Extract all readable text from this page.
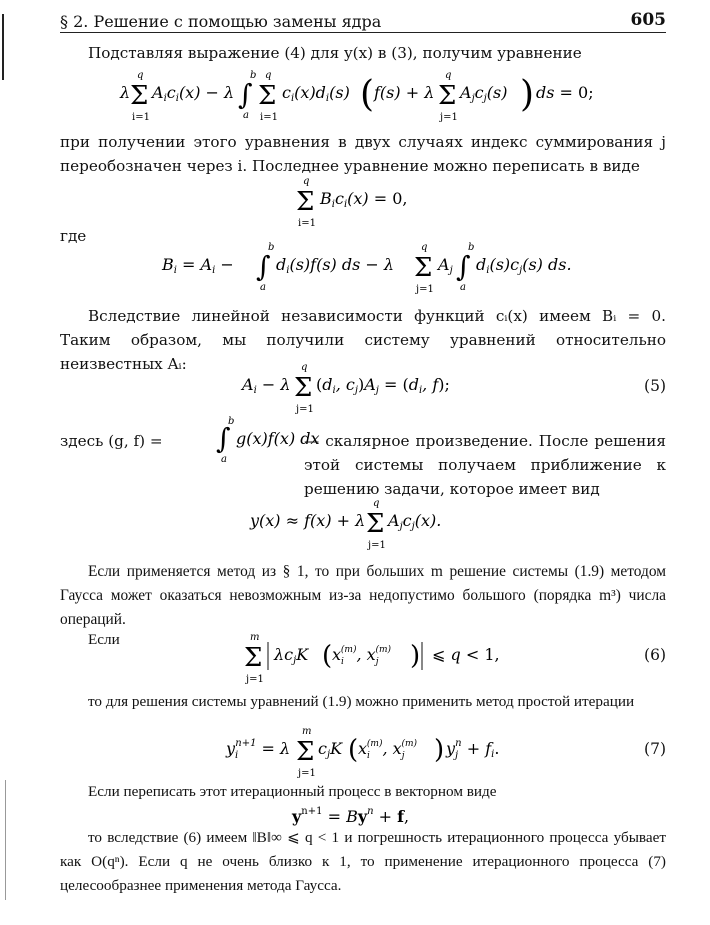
§ 2. Решение с помощью замены ядра	605
Подставляя выражение (4) для y(x) в (3), получим уравнение
λ Σ
q
i=1
Aici(x) − λ ∫
b
a
Σ
q
i=1
ci(x)di(s) ( f(s) + λ Σ
q
j=1
Ajcj(s) ) ds = 0;
при получении этого уравнения в двух случаях индекс суммирования j переобозначен через i. Последнее уравнение можно переписать в виде
Σ
q
i=1
Bici(x) = 0,
где
Bi = Ai − ∫
b
a
di(s)f(s) ds − λ Σ
q
j=1
Aj ∫
b
a
di(s)cj(s) ds.
Вследствие линейной независимости функций cᵢ(x) имеем Bᵢ = 0. Таким образом, мы получили систему уравнений относительно неизвестных Aᵢ:
Ai − λ Σ
q
j=1
(di, cj)Aj = (di, f);	(5)
здесь (g, f) =	∫
b
a
g(x)f(x) dx
— скалярное произведение. После решения этой системы получаем приближение к решению задачи, которое имеет вид
y(x) ≈ f(x) + λ Σ
q
j=1
Ajcj(x).
Если применяется метод из § 1, то при больших m решение системы (1.9) методом Гаусса может оказаться невозможным из-за недопустимо большого (порядка m³) числа операций.
Если
Σ
m
j=1
λcjK ( $x_i(m)$, $x_j(m)$ ) ⩽ q < 1,	(6)
то для решения системы уравнений (1.9) можно применить метод простой итерации
$y_in+1 = \lambda$ Σ
m
j=1
cjK ( $x_i(m)$, $x_j(m)$ ) $y_jn$ + fi.	(7)
Если переписать этот итерационный процесс в векторном виде
$y^{n+1} = By^n + f$,
то вследствие (6) имеем ‖B‖∞ ⩽ q < 1 и погрешность итерационного процесса убывает как O(qⁿ). Если q не очень близко к 1, то применение итерационного процесса (7) целесообразнее применения метода Гаусса.
